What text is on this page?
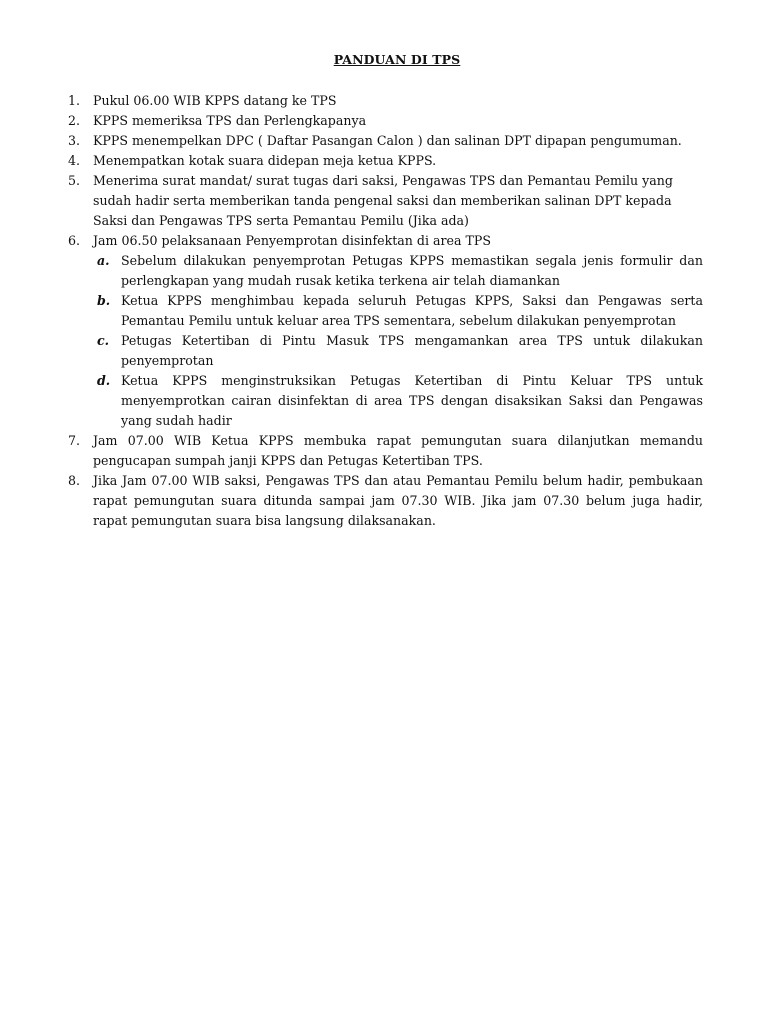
PANDUAN DI TPS
1. Pukul 06.00 WIB KPPS datang ke TPS
2. KPPS memeriksa TPS dan Perlengkapanya
3. KPPS menempelkan DPC ( Daftar Pasangan Calon ) dan salinan DPT dipapan pengumuman.
4. Menempatkan kotak suara didepan meja ketua KPPS.
5. Menerima surat mandat/ surat tugas dari saksi, Pengawas TPS dan Pemantau Pemilu yang sudah hadir serta memberikan tanda pengenal saksi dan memberikan salinan DPT kepada Saksi dan Pengawas TPS serta Pemantau Pemilu (Jika ada)
6. Jam 06.50 pelaksanaan Penyemprotan disinfektan di area TPS
a. Sebelum dilakukan penyemprotan Petugas KPPS memastikan segala jenis formulir dan perlengkapan yang mudah rusak ketika terkena air telah diamankan
b. Ketua KPPS menghimbau kepada seluruh Petugas KPPS, Saksi dan Pengawas serta Pemantau Pemilu untuk keluar area TPS sementara, sebelum dilakukan penyemprotan
c. Petugas Ketertiban di Pintu Masuk TPS mengamankan area TPS untuk dilakukan penyemprotan
d. Ketua KPPS menginstruksikan Petugas Ketertiban di Pintu Keluar TPS untuk menyemprotkan cairan disinfektan di area TPS dengan disaksikan Saksi dan Pengawas yang sudah hadir
7. Jam 07.00 WIB Ketua KPPS membuka rapat pemungutan suara dilanjutkan memandu pengucapan sumpah janji KPPS dan Petugas Ketertiban TPS.
8. Jika Jam 07.00 WIB saksi, Pengawas TPS dan atau Pemantau Pemilu belum hadir, pembukaan rapat pemungutan suara ditunda sampai jam 07.30 WIB. Jika jam 07.30 belum juga hadir, rapat pemungutan suara bisa langsung dilaksanakan.
